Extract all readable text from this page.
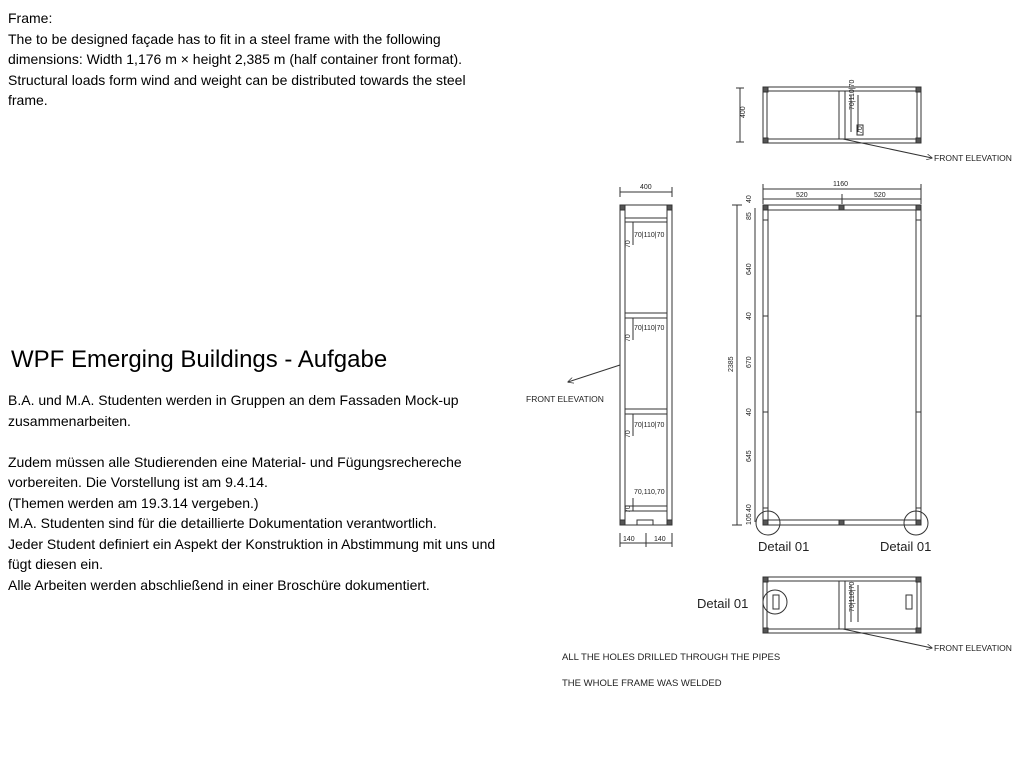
Frame:
The to be designed façade has to fit in a steel frame with the following dimensions: Width 1,176 m × height 2,385 m (half container front format). Structural loads form wind and weight can be distributed towards the steel frame.
WPF Emerging Buildings - Aufgabe

B.A. und M.A. Studenten werden in Gruppen an dem Fassaden Mock-up zusammenarbeiten.

Zudem müssen alle Studierenden eine Material- und Fügungsrechereche vorbereiten. Die Vorstellung ist am 9.4.14.

(Themen werden am 19.3.14 vergeben.)

M.A. Studenten sind für die detaillierte Dokumentation verantwortlich.

Jeder Student definiert ein Aspekt der Konstruktion in Abstimmung mit uns und fügt diesen ein.

Alle Arbeiten werden abschließend in einer Broschüre dokumentiert.

400
70|110|70
70
FRONT ELEVATION
400
70|110|70
70|110|70
70|110|70
70,110,70
70
70
70
70
140	140
FRONT ELEVATION
1160
520	520
2385
40
85
640
40
670
40
645
40
105
Detail 01	Detail 01
70|110|70
Detail 01
FRONT ELEVATION
ALL THE HOLES DRILLED THROUGH THE PIPES
THE WHOLE FRAME WAS WELDED
